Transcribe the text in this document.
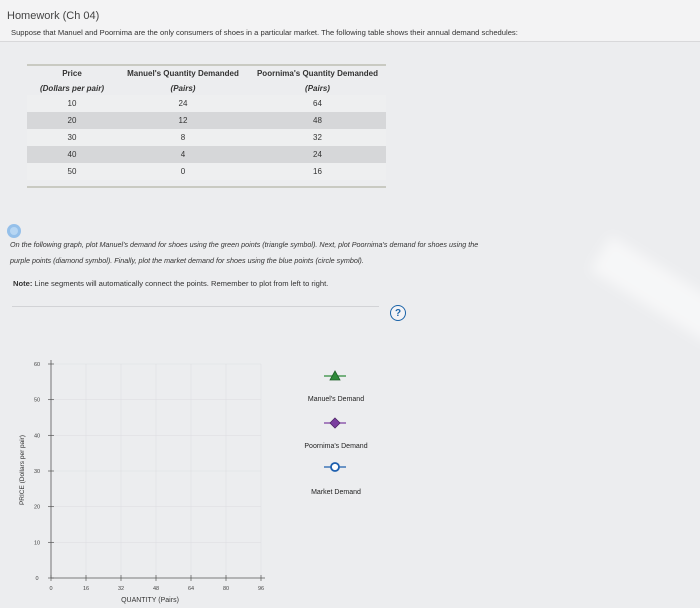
Homework (Ch 04)
Suppose that Manuel and Poornima are the only consumers of shoes in a particular market. The following table shows their annual demand schedules:
Price	Manuel's Quantity Demanded	Poornima's Quantity Demanded
(Dollars per pair)	(Pairs)	(Pairs)
10	24	64
20	12	48
30	8	32
40	4	24
50	0	16
On the following graph, plot Manuel's demand for shoes using the green points (triangle symbol). Next, plot Poornima's demand for shoes using the
purple points (diamond symbol). Finally, plot the market demand for shoes using the blue points (circle symbol).
Note: Line segments will automatically connect the points. Remember to plot from left to right.
?
0
10
20
30
40
50
60
0	16	32	48	64	80	96
PRICE (Dollars per pair)
QUANTITY (Pairs)
Manuel's Demand
Poornima's Demand
Market Demand
